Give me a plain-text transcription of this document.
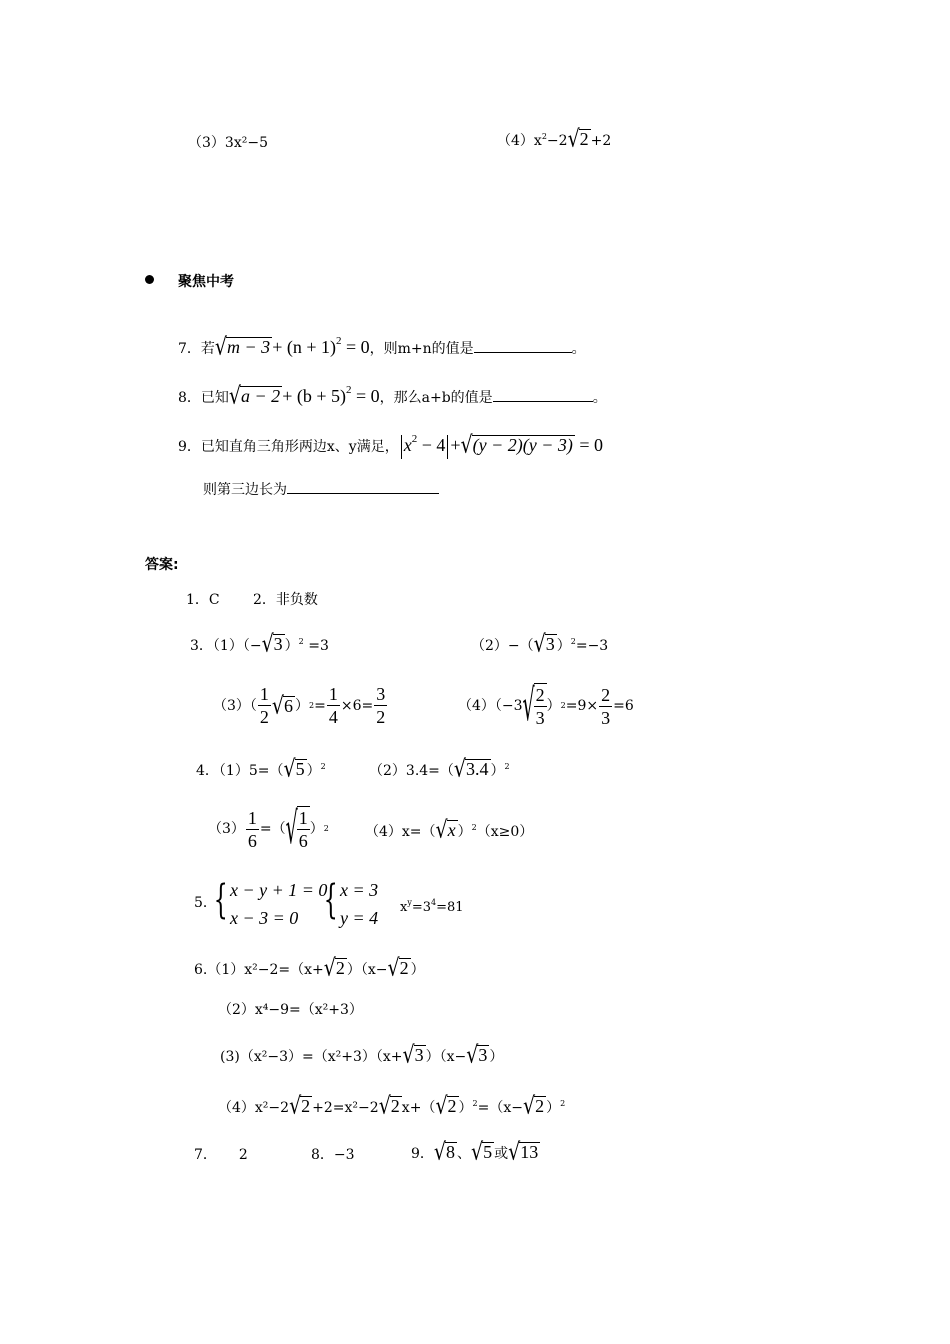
（3）3x²−5	$(4)x^2-2√2 +2$
聚焦中考
7．若$√m - 3 + (n + 1)^2 = 0$，则m+n的值是	。
8．已知$√a - 2 + (b + 5)^2 = 0$，那么a+b的值是	。
9．已知直角三角形两边x、y满足， $x^2 - 4 +√(y - 2)(y - 3) = 0$
则第三边长为
答案:
1．C 2．非负数
3．（1）（−√3 ）$^2$ =3	（2）−（√3 ）$^2$=−3
$(3)( \frac{1}{2} √6$ ） $2 = \frac{1}{4} \times 6= \frac{3}{2}$	（4）（−3 √ $\frac{2}{3}$ ） $2 =9\times \frac{2}{3} =6$
4．（1）5=（√5 ）$^2$	（2）3.4=（√3.4 ）$^2$
$(3) \frac{1}{6}$ =（ √ $\frac{1}{6}$ ） 2	（4）x=（√x ）$^2$（x≥0）
5．
{ x − y + 1 = 0
x − 3 = 0 { x = 3
y = 4
$x^y=3^4=81$
6.（1）x²−2=（x+√2 ）（x−√2 ）
（2）x⁴−9=（x²+3）
(3)（x²−3）=（x²+3）（x+√3 ）（x−√3 ）
（4）x²−2√2 +2=x²−2√2 x+（√2 ）$^2$=（x−√2 ）$^2$
7． 2	8．−3	9．√8 、√5 或√13
